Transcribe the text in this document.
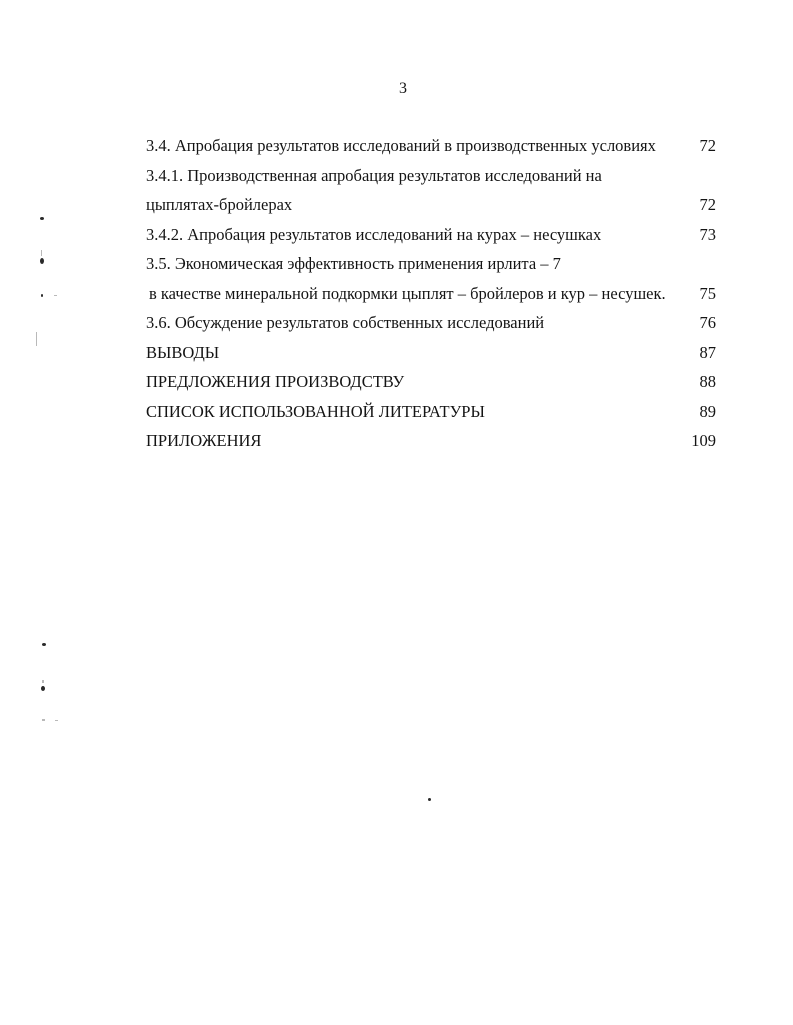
3
3.4. Апробация результатов исследований в производственных условиях	72
3.4.1. Производственная апробация результатов исследований на
цыплятах-бройлерах	72
3.4.2. Апробация результатов исследований на курах – несушках	73
3.5. Экономическая эффективность применения ирлита – 7
в качестве минеральной подкормки цыплят – бройлеров и кур – несушек. 75
3.6. Обсуждение результатов собственных исследований	76
ВЫВОДЫ	87
ПРЕДЛОЖЕНИЯ ПРОИЗВОДСТВУ	88
СПИСОК ИСПОЛЬЗОВАННОЙ ЛИТЕРАТУРЫ	89
ПРИЛОЖЕНИЯ	109
